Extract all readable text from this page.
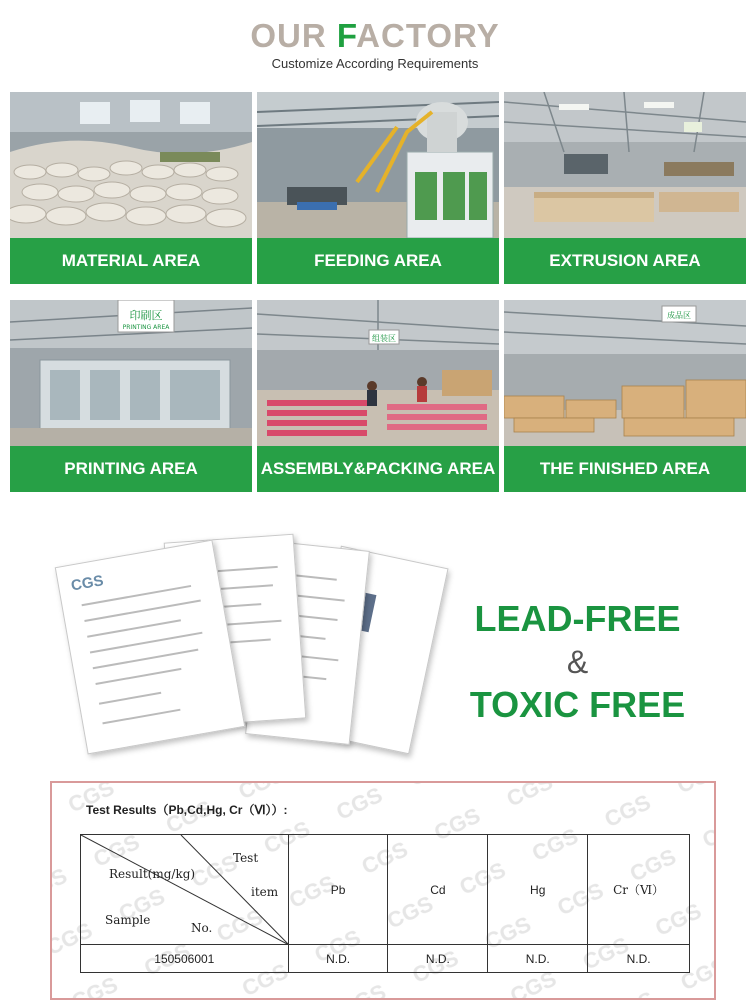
OUR FACTORY
Customize According Requirements
MATERIAL AREA	FEEDING AREA	EXTRUSION AREA
印刷区
PRINTING AREA
PRINTING AREA
组装区
ASSEMBLY&PACKING AREA
成品区
THE FINISHED AREA
CGS
LEAD-FREE
&
TOXIC FREE
Test Results（Pb,Cd,Hg, Cr（Ⅵ））:
Test
Result(mg/kg)
item
Sample
No.	Pb	Cd	Hg	Cr（Ⅵ）
150506001	N.D.	N.D.	N.D.	N.D.
